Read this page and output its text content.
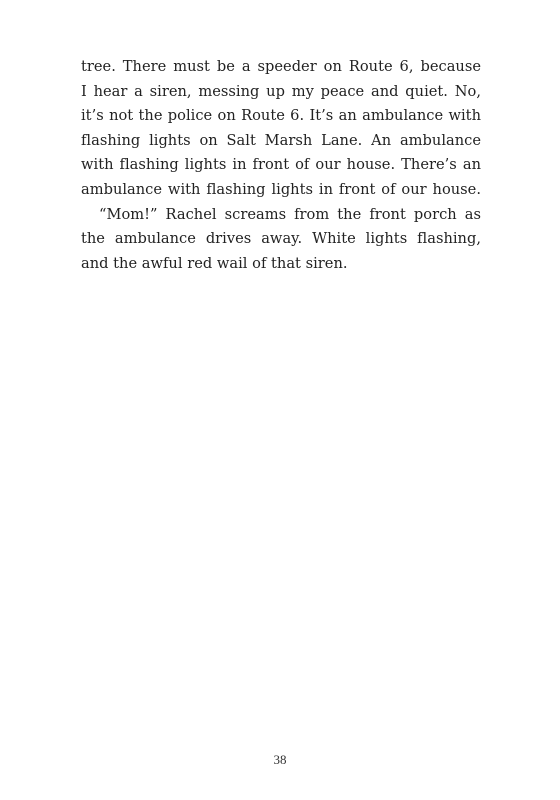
tree. There must be a speeder on Route 6, because
I hear a siren, messing up my peace and quiet. No,
it’s not the police on Route 6. It’s an ambulance with
flashing lights on Salt Marsh Lane. An ambulance
with flashing lights in front of our house. There’s an
ambulance with flashing lights in front of our house.
“Mom!” Rachel screams from the front porch as
the ambulance drives away. White lights flashing,
and the awful red wail of that siren.
38
